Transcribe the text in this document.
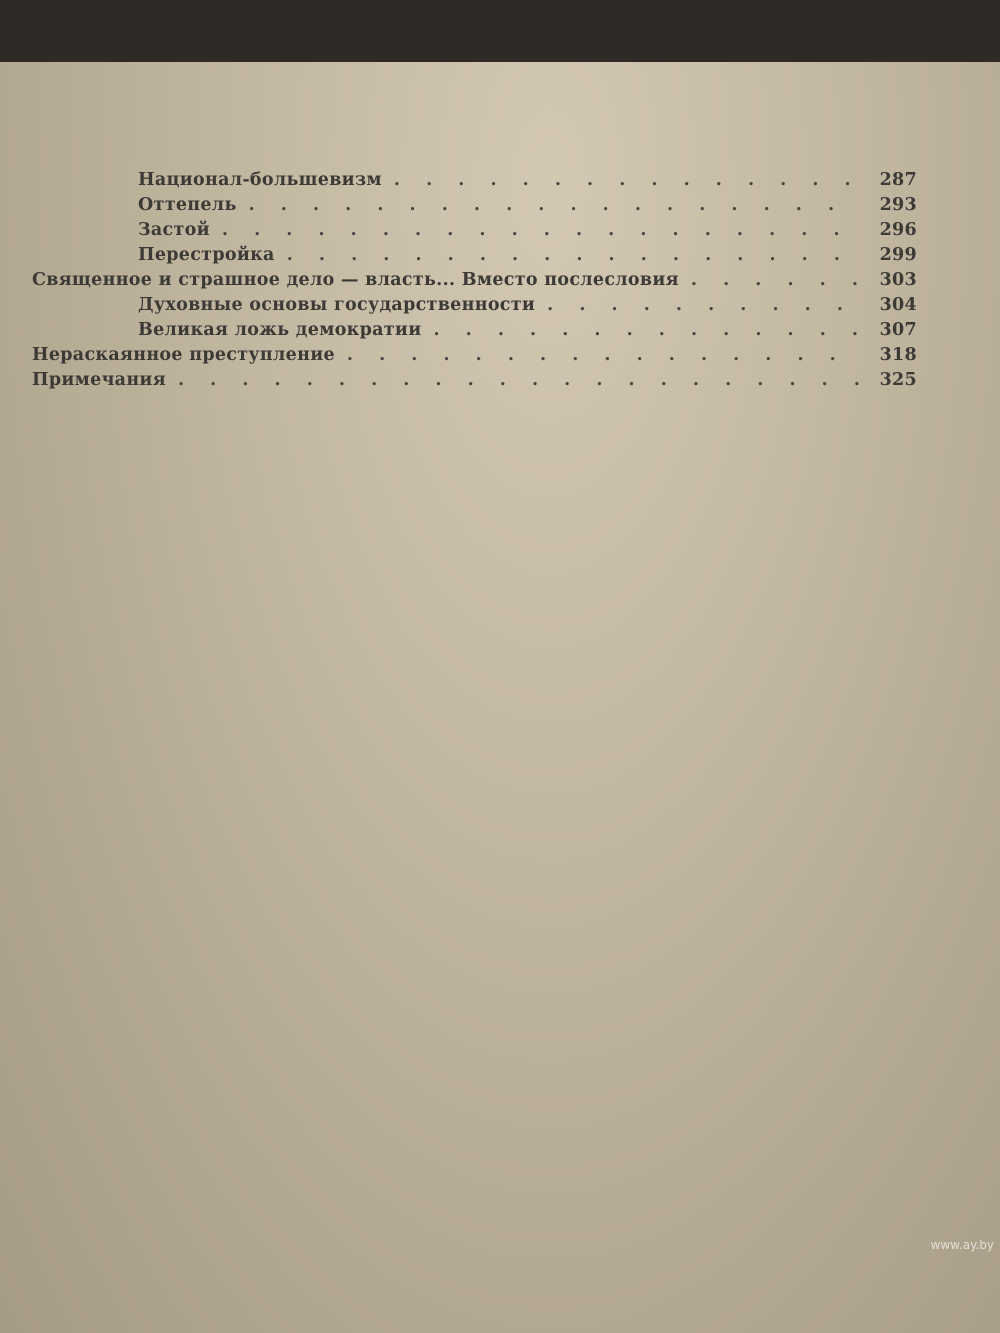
Национал-большевизм . . .	287
Оттепель . . .	293
Застой . . .	296
Перестройка . . .	299
Священное и страшное дело — власть... Вместо послесловия . . .	303
Духовные основы государственности . . .	304
Великая ложь демократии . . .	307
Нераскаянное преступление . . .	318
Примечания . . .	325
www.ay.by
